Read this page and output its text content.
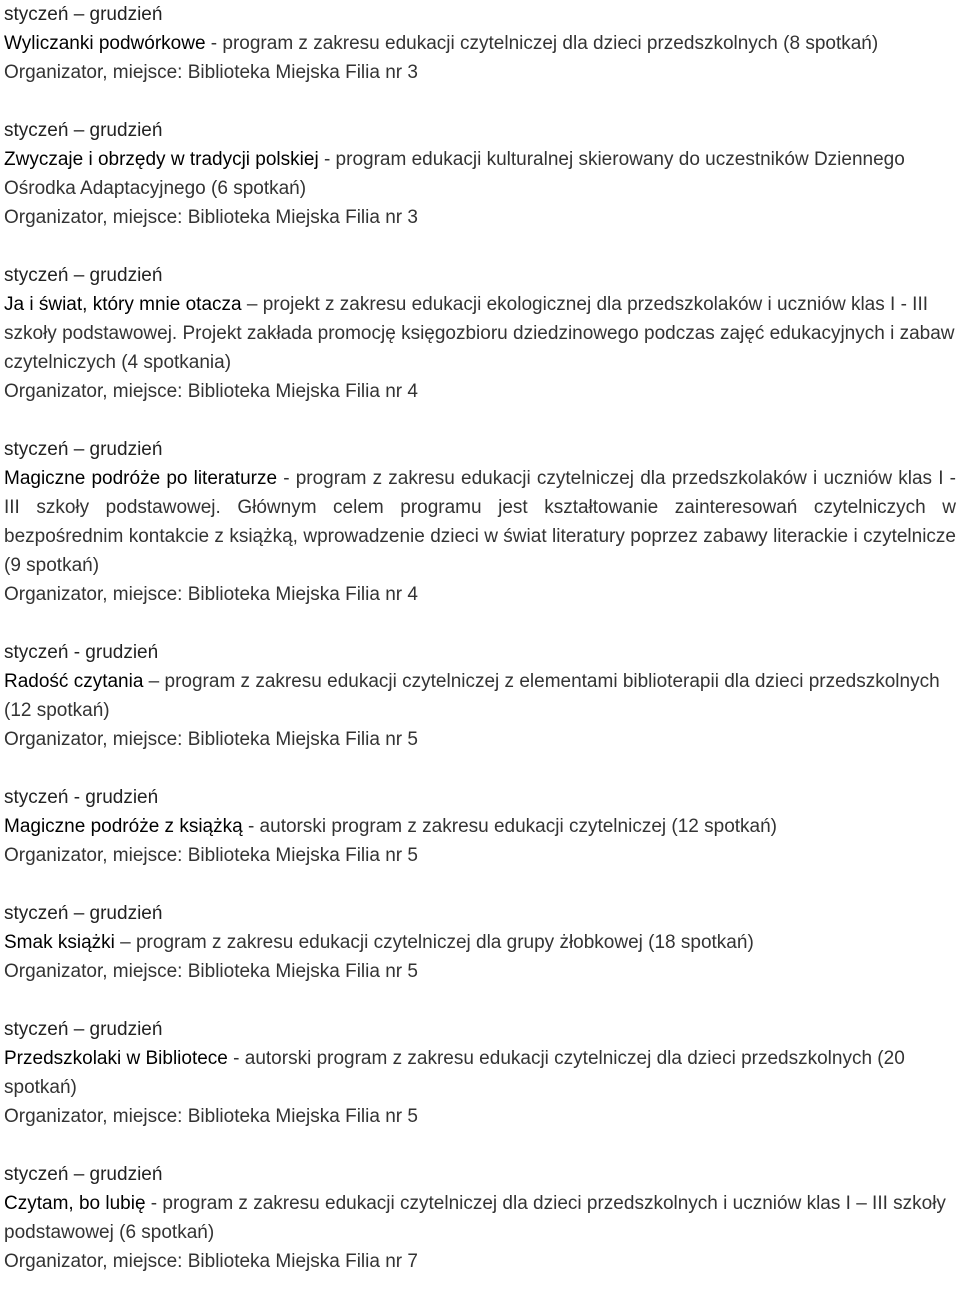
styczeń – grudzień

Wyliczanki podwórkowe - program z zakresu edukacji czytelniczej dla dzieci przedszkolnych (8 spotkań)

Organizator, miejsce: Biblioteka Miejska Filia nr 3

styczeń – grudzień

Zwyczaje i obrzędy w tradycji polskiej - program edukacji kulturalnej skierowany do uczestników Dziennego Ośrodka Adaptacyjnego (6 spotkań)

Organizator, miejsce: Biblioteka Miejska Filia nr 3

styczeń – grudzień

Ja i świat, który mnie otacza – projekt z zakresu edukacji ekologicznej dla przedszkolaków i uczniów klas I - III szkoły podstawowej. Projekt zakłada promocję księgozbioru dziedzinowego podczas zajęć edukacyjnych i zabaw czytelniczych (4 spotkania)

Organizator, miejsce: Biblioteka Miejska Filia nr 4

styczeń – grudzień

Magiczne podróże po literaturze - program z zakresu edukacji czytelniczej dla przedszkolaków i uczniów klas I - III szkoły podstawowej. Głównym celem programu jest kształtowanie zainteresowań czytelniczych w bezpośrednim kontakcie z książką, wprowadzenie dzieci w świat literatury poprzez zabawy literackie i czytelnicze (9 spotkań)

Organizator, miejsce: Biblioteka Miejska Filia nr 4

styczeń - grudzień

Radość czytania – program z zakresu edukacji czytelniczej z elementami biblioterapii dla dzieci przedszkolnych (12 spotkań)

Organizator, miejsce: Biblioteka Miejska Filia nr 5

styczeń - grudzień

Magiczne podróże z książką - autorski program z zakresu edukacji czytelniczej (12 spotkań)

Organizator, miejsce: Biblioteka Miejska Filia nr 5

styczeń – grudzień

Smak książki – program z zakresu edukacji czytelniczej dla grupy żłobkowej (18 spotkań)

Organizator, miejsce: Biblioteka Miejska Filia nr 5

styczeń – grudzień

Przedszkolaki w Bibliotece - autorski program z zakresu edukacji czytelniczej dla dzieci przedszkolnych (20 spotkań)

Organizator, miejsce: Biblioteka Miejska Filia nr 5

styczeń – grudzień

Czytam, bo lubię - program z zakresu edukacji czytelniczej dla dzieci przedszkolnych i uczniów klas I – III szkoły podstawowej (6 spotkań)

Organizator, miejsce: Biblioteka Miejska Filia nr 7
